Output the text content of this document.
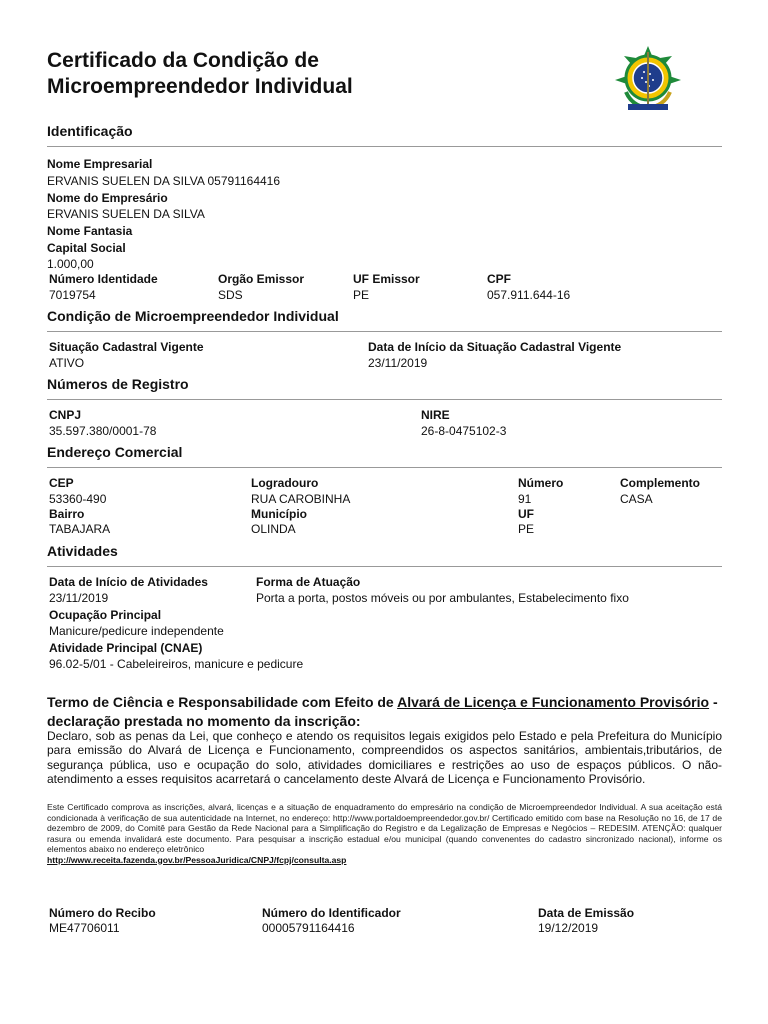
Certificado da Condição de
Microempreendedor Individual
Identificação
Nome Empresarial
ERVANIS SUELEN DA SILVA 05791164416
Nome do Empresário
ERVANIS SUELEN DA SILVA
Nome Fantasia
Capital Social
1.000,00
Número Identidade
7019754
Orgão Emissor
SDS
UF Emissor
PE
CPF
057.911.644-16
Condição de Microempreendedor Individual
Situação Cadastral Vigente
ATIVO
Data de Início da Situação Cadastral Vigente
23/11/2019
Números de Registro
CNPJ
35.597.380/0001-78
NIRE
26-8-0475102-3
Endereço Comercial
CEP
53360-490
Logradouro
RUA CAROBINHA
Número
91
Complemento
CASA
Bairro
TABAJARA
Município
OLINDA
UF
PE
Atividades
Data de Início de Atividades
23/11/2019
Forma de Atuação
Porta a porta, postos móveis ou por ambulantes, Estabelecimento fixo
Ocupação Principal
Manicure/pedicure independente
Atividade Principal (CNAE)
96.02-5/01 - Cabeleireiros, manicure e pedicure
Termo de Ciência e Responsabilidade com Efeito de Alvará de Licença e Funcionamento Provisório - declaração prestada no momento da inscrição:
Declaro, sob as penas da Lei, que conheço e atendo os requisitos legais exigidos pelo Estado e pela Prefeitura do Município para emissão do Alvará de Licença e Funcionamento, compreendidos os aspectos sanitários, ambientais,tributários, de segurança pública, uso e ocupação do solo, atividades domiciliares e restrições ao uso de espaços públicos. O não-atendimento a esses requisitos acarretará o cancelamento deste Alvará de Licença e Funcionamento Provisório.
Este Certificado comprova as inscrições, alvará, licenças e a situação de enquadramento do empresário na condição de Microempreendedor Individual. A sua aceitação está condicionada à verificação de sua autenticidade na Internet, no endereço: http://www.portaldoempreendedor.gov.br/ Certificado emitido com base na Resolução no 16, de 17 de dezembro de 2009, do Comitê para Gestão da Rede Nacional para a Simplificação do Registro e da Legalização de Empresas e Negócios – REDESIM. ATENÇÃO: qualquer rasura ou emenda invalidará este documento. Para pesquisar a inscrição estadual e/ou municipal (quando convenentes do cadastro sincronizado nacional), informe os elementos abaixo no endereço eletrônico
http://www.receita.fazenda.gov.br/PessoaJuridica/CNPJ/fcpj/consulta.asp
Número do Recibo
ME47706011
Número do Identificador
00005791164416
Data de Emissão
19/12/2019
